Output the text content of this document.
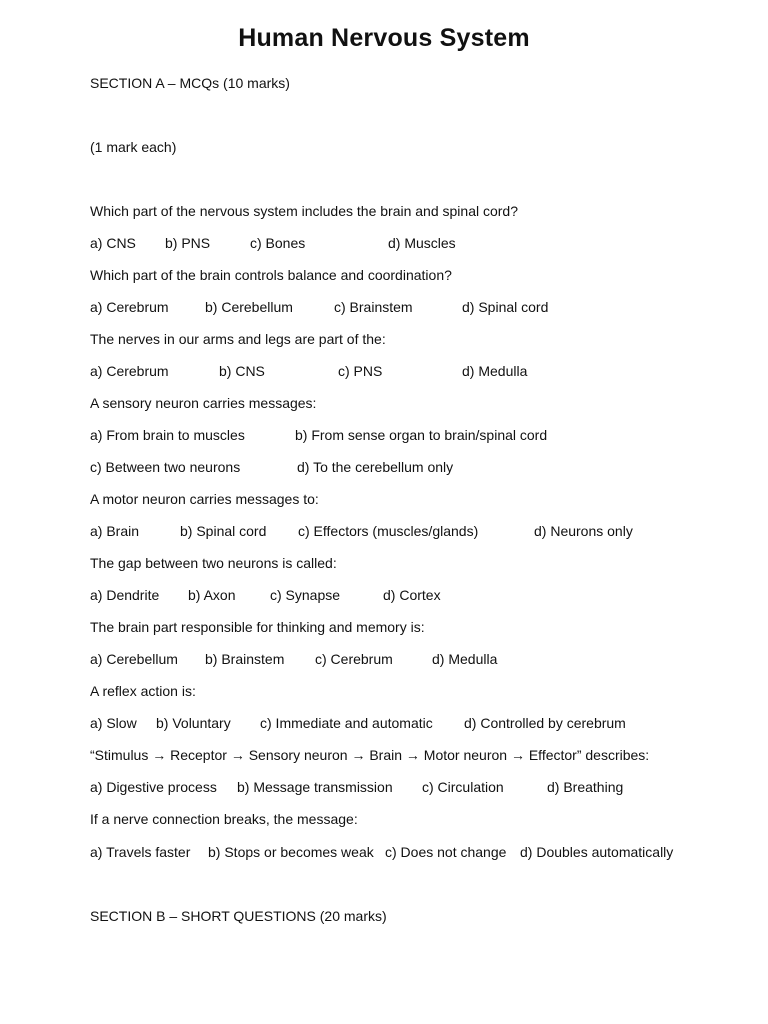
Human Nervous System
SECTION A – MCQs (10 marks)
(1 mark each)
Which part of the nervous system includes the brain and spinal cord?
a) CNS b) PNS	c) Bones	d) Muscles
Which part of the brain controls balance and coordination?
a) Cerebrum	b) Cerebellum	c) Brainstem	d) Spinal cord
The nerves in our arms and legs are part of the:
a) Cerebrum	b) CNS	c) PNS	d) Medulla
A sensory neuron carries messages:
a) From brain to muscles	b) From sense organ to brain/spinal cord
c) Between two neurons	d) To the cerebellum only
A motor neuron carries messages to:
a) Brain	b) Spinal cord c) Effectors (muscles/glands)	d) Neurons only
The gap between two neurons is called:
a) Dendrite b) Axon c) Synapse	d) Cortex
The brain part responsible for thinking and memory is:
a) Cerebellum b) Brainstem c) Cerebrum	d) Medulla
A reflex action is:
a) Slow b) Voluntary c) Immediate and automatic d) Controlled by cerebrum
“Stimulus → Receptor → Sensory neuron → Brain → Motor neuron → Effector” describes:
a) Digestive process b) Message transmission c) Circulation	d) Breathing
If a nerve connection breaks, the message:
a) Travels faster b) Stops or becomes weak c) Does not change d) Doubles automatically
SECTION B – SHORT QUESTIONS (20 marks)
